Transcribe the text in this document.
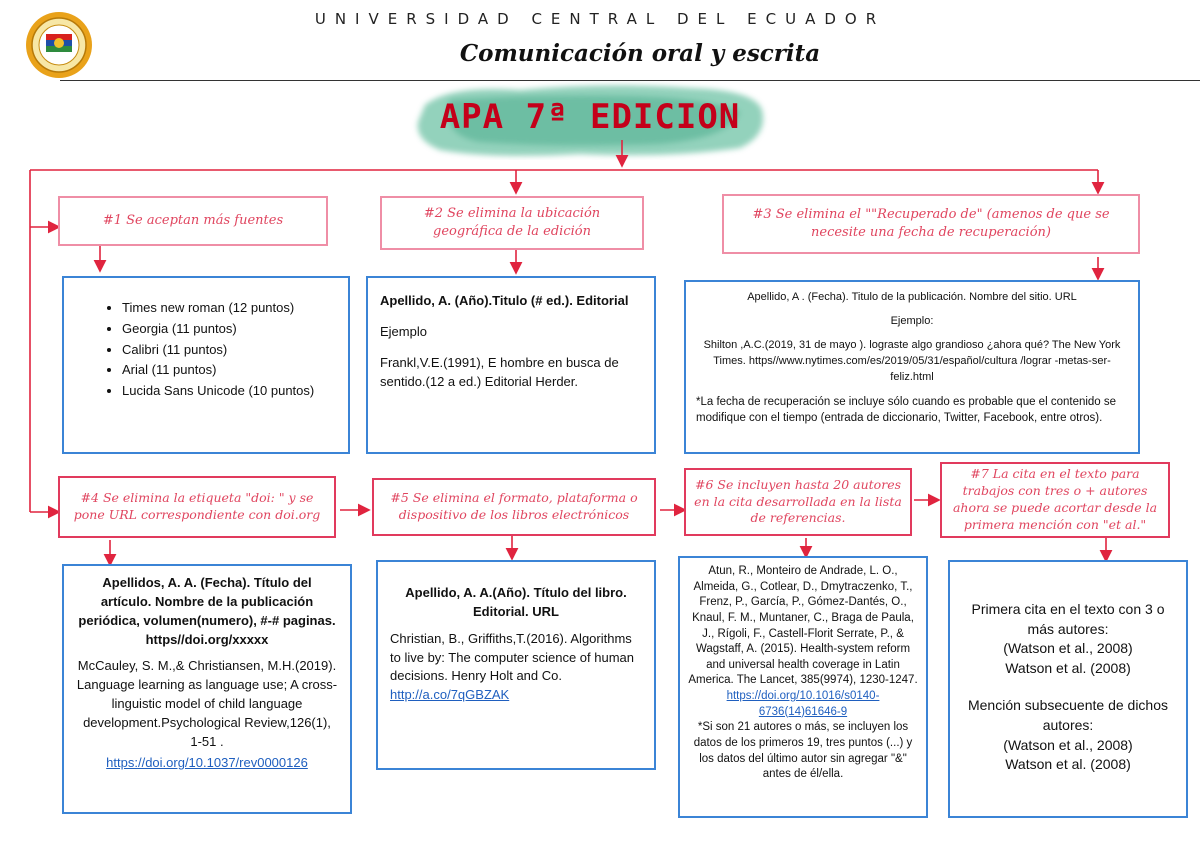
UNIVERSIDAD CENTRAL DEL ECUADOR
Comunicación oral y escrita
APA 7ª EDICION
#1 Se aceptan más fuentes	#2 Se elimina la ubicación geográfica de la edición
#3 Se elimina el ""Recuperado de" (amenos de que se necesite una fecha de recuperación)
• Times new roman (12 puntos)
• Georgia (11 puntos)
• Calibri (11 puntos)
• Arial (11 puntos)
• Lucida Sans Unicode (10 puntos)

Apellido, A. (Año).Titulo (# ed.). Editorial

Ejemplo

Frankl,V.E.(1991), E hombre en busca de sentido.(12 a ed.) Editorial Herder.

Apellido, A . (Fecha). Titulo de la publicación. Nombre del sitio. URL

Ejemplo:

Shilton ,A.C.(2019, 31 de mayo ). lograste algo grandioso ¿ahora qué? The New York Times. https//www.nytimes.com/es/2019/05/31/español/cultura /lograr -metas-ser-feliz.html

*La fecha de recuperación se incluye sólo cuando es probable que el contenido se modifique con el tiempo (entrada de diccionario, Twitter, Facebook, entre otros).

#4 Se elimina la etiqueta "doi: " y se pone URL correspondiente con doi.org
#5 Se elimina el formato, plataforma o dispositivo de los libros electrónicos
#6 Se incluyen hasta 20 autores en la cita desarrollada en la lista de referencias.
#7 La cita en el texto para trabajos con tres o + autores ahora se puede acortar desde la primera mención con "et al."

Apellidos, A. A. (Fecha). Título del artículo. Nombre de la publicación periódica, volumen(numero), #-# paginas. https//doi.org/xxxxx

McCauley, S. M.,& Christiansen, M.H.(2019). Language learning as language use; A cross-linguistic model of child language development.Psychological Review,126(1), 1-51 .

https://doi.org/10.1037/rev0000126

Apellido, A. A.(Año). Título del libro. Editorial. URL

Christian, B., Griffiths,T.(2016). Algorithms to live by: The computer science of human decisions. Henry Holt and Co.

http://a.co/7qGBZAK

Atun, R., Monteiro de Andrade, L. O., Almeida, G., Cotlear, D., Dmytraczenko, T., Frenz, P., García, P., Gómez-Dantés, O., Knaul, F. M., Muntaner, C., Braga de Paula, J., Rígoli, F., Castell-Florit Serrate, P., & Wagstaff, A. (2015). Health-system reform and universal health coverage in Latin America. The Lancet, 385(9974), 1230-1247.

https://doi.org/10.1016/s0140-6736(14)61646-9

*Si son 21 autores o más, se incluyen los datos de los primeros 19, tres puntos (...) y los datos del último autor sin agregar "&" antes de él/ella.

Primera cita en el texto con 3 o más autores:
(Watson et al., 2008)
Watson et al. (2008)
Mención subsecuente de dichos autores:
(Watson et al., 2008)
Watson et al. (2008)
